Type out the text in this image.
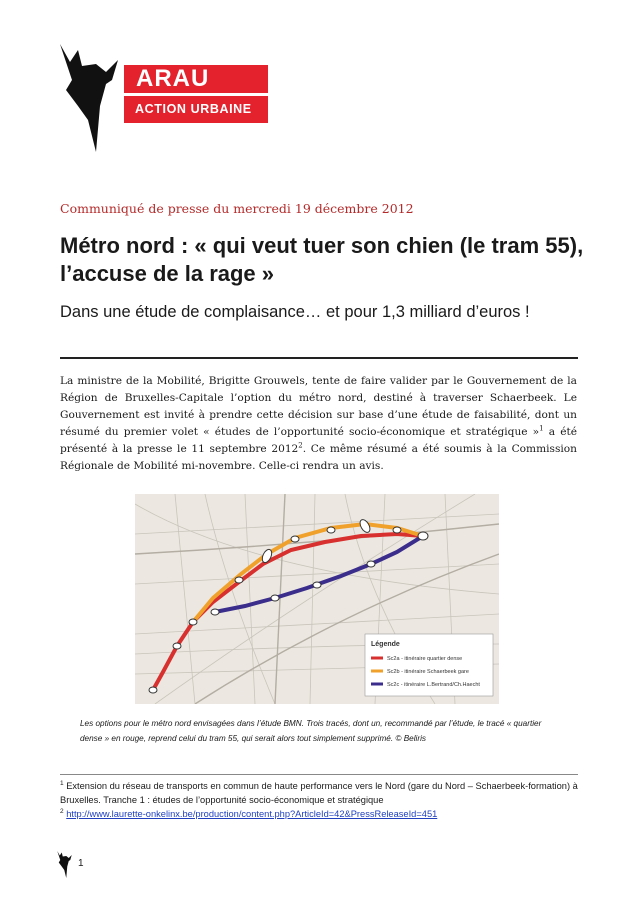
ARAU
ACTION URBAINE
Communiqué de presse du mercredi 19 décembre 2012
Métro nord : « qui veut tuer son chien (le tram 55), l’accuse de la rage »

Dans une étude de complaisance… et pour 1,3 milliard d’euros !

La ministre de la Mobilité, Brigitte Grouwels, tente de faire valider par le Gouvernement de la Région de Bruxelles-Capitale l’option du métro nord, destiné à traverser Schaerbeek. Le Gouvernement est invité à prendre cette décision sur base d’une étude de faisabilité, dont un résumé du premier volet « études de l’opportunité socio-économique et stratégique »$^1$ a été présenté à la presse le 11 septembre 2012$^2$. Ce même résumé a été soumis à la Commission Régionale de Mobilité mi-novembre. Celle-ci rendra un avis.

Légende
Sc2a - itinéraire quartier dense
Sc2b - itinéraire Schaerbeek gare
Sc2c - itinéraire L.Bertrand/Ch.Haecht

Les options pour le métro nord envisagées dans l’étude BMN. Trois tracés, dont un, recommandé par l’étude, le tracé « quartier dense » en rouge, reprend celui du tram 55, qui serait alors tout simplement supprimé. © Beliris

$^1$ Extension du réseau de transports en commun de haute performance vers le Nord (gare du Nord – Schaerbeek-formation) à Bruxelles. Tranche 1 : études de l’opportunité socio-économique et stratégique

$^2$ http://www.laurette-onkelinx.be/production/content.php?ArticleId=42&PressReleaseId=451

1
